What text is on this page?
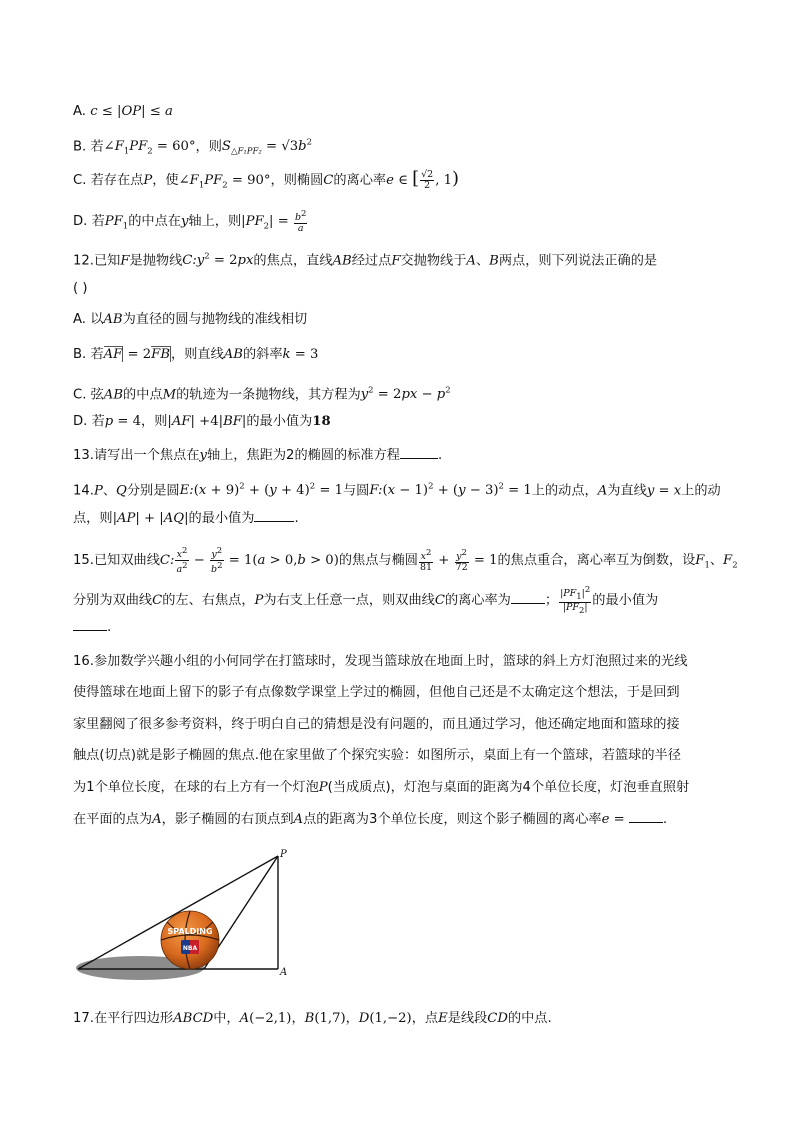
A. c ≤ |OP| ≤ a
B. 若$\angle F_1PF_2 = 60^\circ$，则$S_{\triangle F_1PF_2} = √3b^2$
C. 若存在点P，使$\angle F_1PF_2 = 90^\circ$，则椭圆C的离心率e ∈ [ $\frac{√2}{2}$ , 1)
D. 若$PF_1$的中点在y轴上，则$|PF_2| = \frac{b^2}{a}$
12.已知F是抛物线$C:y^2 = 2px$的焦点，直线AB经过点F交抛物线于A、B两点，则下列说法正确的是
( )
A. 以AB为直径的圆与抛物线的准线相切
B. 若AF = 2FB，则直线AB的斜率k = 3
C. 弦AB的中点M的轨迹为一条抛物线，其方程为$y^2 = 2px - p^2$
D. 若p = 4，则|AF| +4|BF|的最小值为18
13.请写出一个焦点在y轴上，焦距为2的椭圆的标准方程	.
14.P、Q分别是圆E:(x + $9)^2 + (y + 4)^2 = 1$与圆F:(x − $1)^2 + (y - 3)^2 = 1$上的动点，A为直线y = x上的动
点，则|AP| + |AQ|的最小值为	.
15.已知双曲线C: $\frac{x^2}{a^2} - \frac{y^2}{b^2} = 1(a > 0,b > 0)$的焦点与椭圆 $\frac{x^2}{81} + \frac{y^2}{72} = 1$的焦点重合，离心率互为倒数，设$F_1$、$F_2$
分别为双曲线C的左、右焦点，P为右支上任意一点，则双曲线C的离心率为	； $\frac{|PF_1|^2}{|PF_2|}$ 的最小值为
.
16.参加数学兴趣小组的小何同学在打篮球时，发现当篮球放在地面上时，篮球的斜上方灯泡照过来的光线
使得篮球在地面上留下的影子有点像数学课堂上学过的椭圆，但他自己还是不太确定这个想法，于是回到
家里翻阅了很多参考资料，终于明白自己的猜想是没有问题的，而且通过学习，他还确定地面和篮球的接
触点(切点)就是影子椭圆的焦点.他在家里做了个探究实验：如图所示，桌面上有一个篮球，若篮球的半径
为1个单位长度，在球的右上方有一个灯泡P(当成质点)，灯泡与桌面的距离为4个单位长度，灯泡垂直照射
在平面的点为A，影子椭圆的右顶点到A点的距离为3个单位长度，则这个影子椭圆的离心率e =	.
SPALDING
NBA
P
A
17.在平行四边形ABCD中，A(−2,1)，B(1,7)，D(1,−2)，点E是线段CD的中点.
